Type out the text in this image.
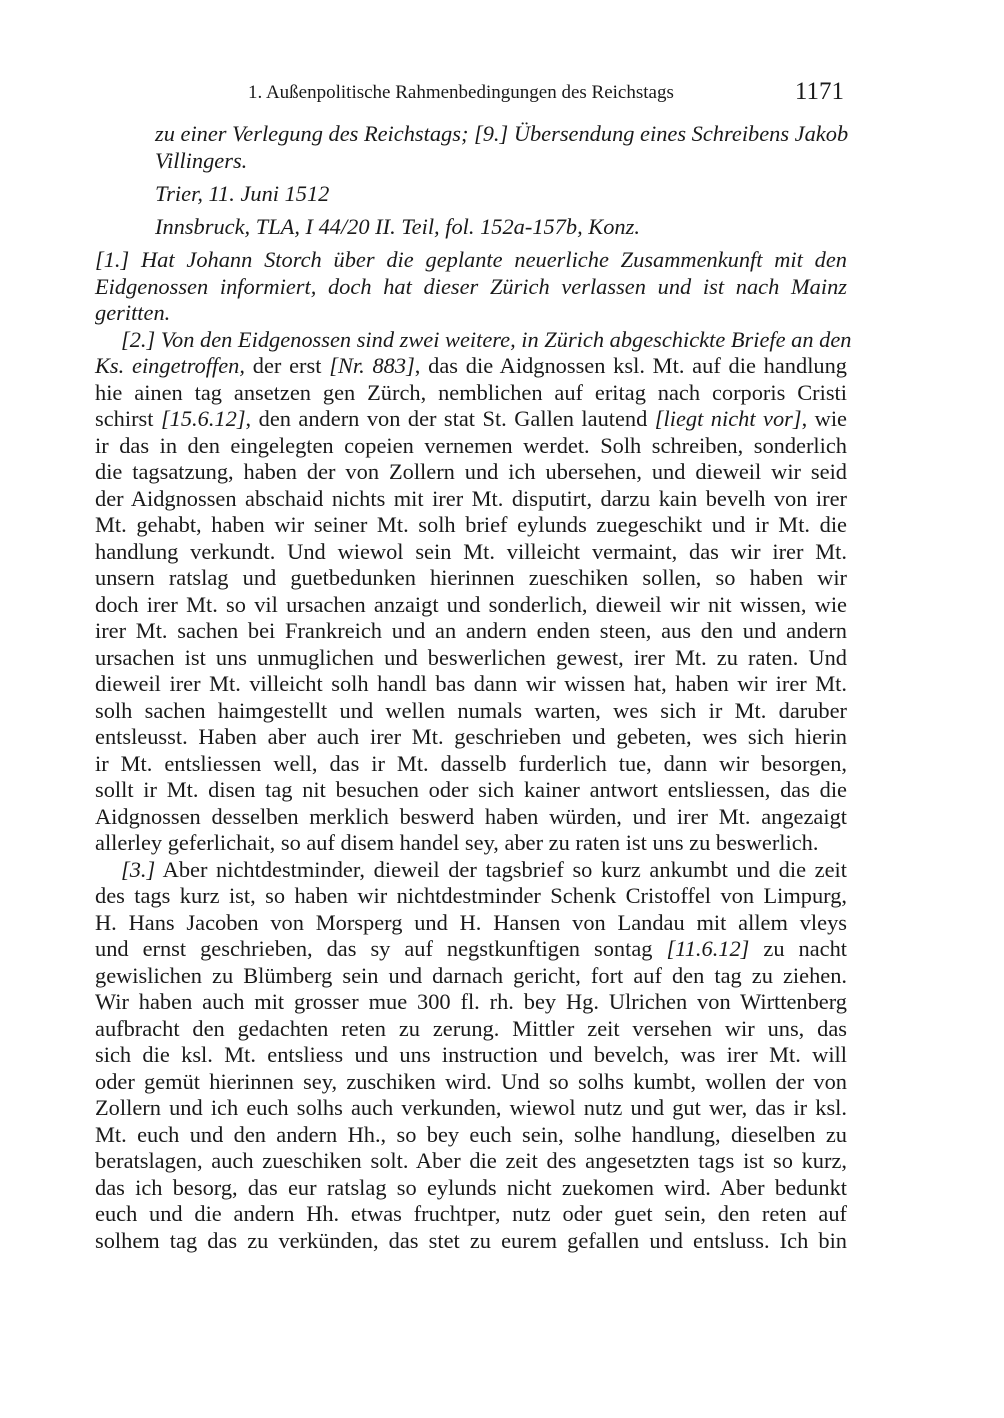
1. Außenpolitische Rahmenbedingungen des Reichstags	1171
zu einer Verlegung des Reichstags; [9.] Übersendung eines Schreibens Jakob
Villingers.
Trier, 11. Juni 1512
Innsbruck, TLA, I 44/20 II. Teil, fol. 152a-157b, Konz.
[1.] Hat Johann Storch über die geplante neuerliche Zusammenkunft mit den
Eidgenossen informiert, doch hat dieser Zürich verlassen und ist nach Mainz
geritten.
[2.] Von den Eidgenossen sind zwei weitere, in Zürich abgeschickte Briefe an den
Ks. eingetroffen, der erst [Nr. 883], das die Aidgnossen ksl. Mt. auf die handlung
hie ainen tag ansetzen gen Zürch, nemblichen auf eritag nach corporis Cristi
schirst [15.6.12], den andern von der stat St. Gallen lautend [liegt nicht vor], wie
ir das in den eingelegten copeien vernemen werdet. Solh schreiben, sonderlich
die tagsatzung, haben der von Zollern und ich ubersehen, und dieweil wir seid
der Aidgnossen abschaid nichts mit irer Mt. disputirt, darzu kain bevelh von irer
Mt. gehabt, haben wir seiner Mt. solh brief eylunds zuegeschikt und ir Mt. die
handlung verkundt. Und wiewol sein Mt. villeicht vermaint, das wir irer Mt.
unsern ratslag und guetbedunken hierinnen zueschiken sollen, so haben wir
doch irer Mt. so vil ursachen anzaigt und sonderlich, dieweil wir nit wissen, wie
irer Mt. sachen bei Frankreich und an andern enden steen, aus den und andern
ursachen ist uns unmuglichen und beswerlichen gewest, irer Mt. zu raten. Und
dieweil irer Mt. villeicht solh handl bas dann wir wissen hat, haben wir irer Mt.
solh sachen haimgestellt und wellen numals warten, wes sich ir Mt. daruber
entsleusst. Haben aber auch irer Mt. geschrieben und gebeten, wes sich hierin
ir Mt. entsliessen well, das ir Mt. dasselb furderlich tue, dann wir besorgen,
sollt ir Mt. disen tag nit besuchen oder sich kainer antwort entsliessen, das die
Aidgnossen desselben merklich beswerd haben würden, und irer Mt. angezaigt
allerley geferlichait, so auf disem handel sey, aber zu raten ist uns zu beswerlich.
[3.] Aber nichtdestminder, dieweil der tagsbrief so kurz ankumbt und die zeit
des tags kurz ist, so haben wir nichtdestminder Schenk Cristoffel von Limpurg,
H. Hans Jacoben von Morsperg und H. Hansen von Landau mit allem vleys
und ernst geschrieben, das sy auf negstkunftigen sontag [11.6.12] zu nacht
gewislichen zu Blümberg sein und darnach gericht, fort auf den tag zu ziehen.
Wir haben auch mit grosser mue 300 fl. rh. bey Hg. Ulrichen von Wirttenberg
aufbracht den gedachten reten zu zerung. Mittler zeit versehen wir uns, das
sich die ksl. Mt. entsliess und uns instruction und bevelch, was irer Mt. will
oder gemüt hierinnen sey, zuschiken wird. Und so solhs kumbt, wollen der von
Zollern und ich euch solhs auch verkunden, wiewol nutz und gut wer, das ir ksl.
Mt. euch und den andern Hh., so bey euch sein, solhe handlung, dieselben zu
beratslagen, auch zueschiken solt. Aber die zeit des angesetzten tags ist so kurz,
das ich besorg, das eur ratslag so eylunds nicht zuekomen wird. Aber bedunkt
euch und die andern Hh. etwas fruchtper, nutz oder guet sein, den reten auf
solhem tag das zu verkünden, das stet zu eurem gefallen und entsluss. Ich bin
